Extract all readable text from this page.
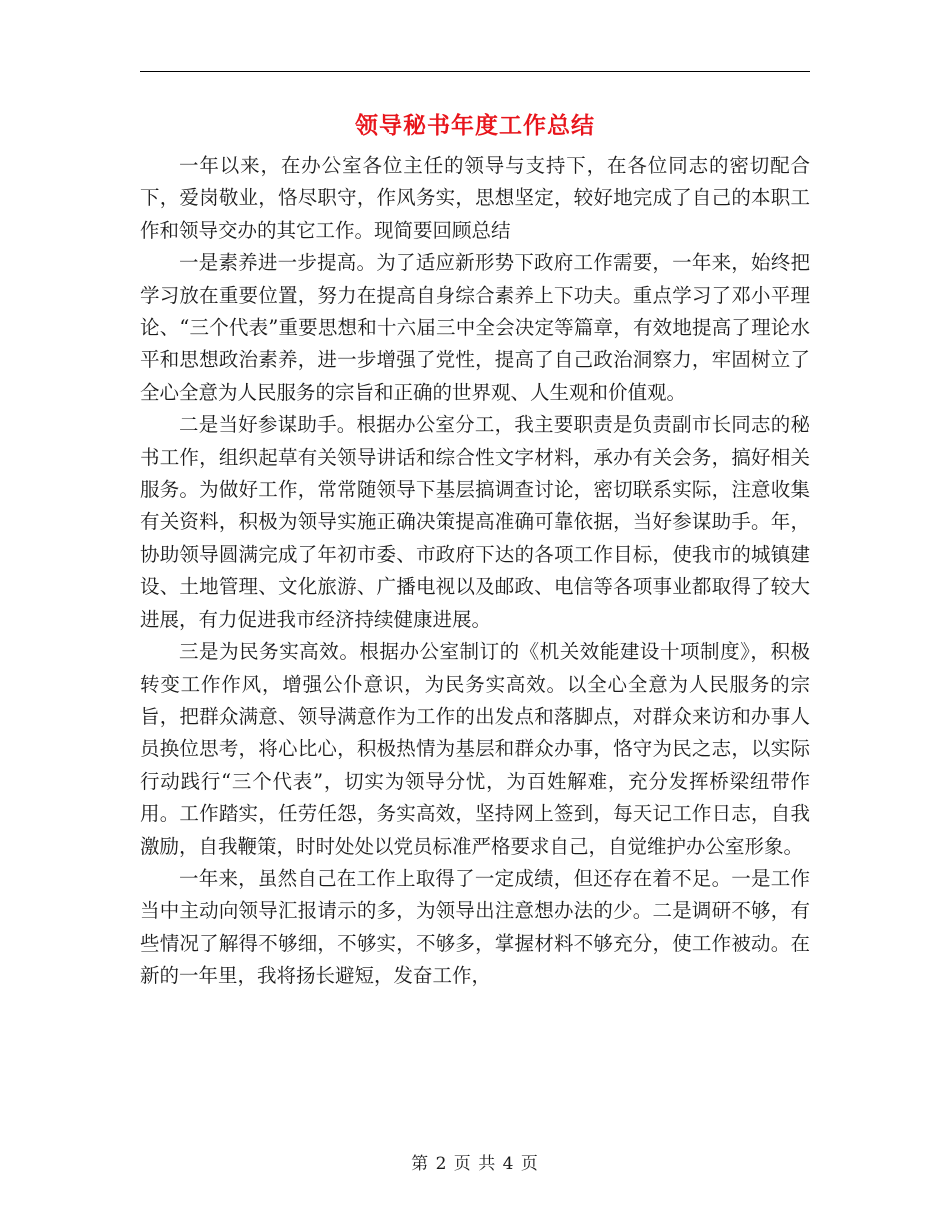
领导秘书年度工作总结

一年以来，在办公室各位主任的领导与支持下，在各位同志的密切配合下，爱岗敬业，恪尽职守，作风务实，思想坚定，较好地完成了自己的本职工作和领导交办的其它工作。现简要回顾总结

一是素养进一步提高。为了适应新形势下政府工作需要，一年来，始终把学习放在重要位置，努力在提高自身综合素养上下功夫。重点学习了邓小平理论、“三个代表”重要思想和十六届三中全会决定等篇章，有效地提高了理论水平和思想政治素养，进一步增强了党性，提高了自己政治洞察力，牢固树立了全心全意为人民服务的宗旨和正确的世界观、人生观和价值观。

二是当好参谋助手。根据办公室分工，我主要职责是负责副市长同志的秘书工作，组织起草有关领导讲话和综合性文字材料，承办有关会务，搞好相关服务。为做好工作，常常随领导下基层搞调查讨论，密切联系实际，注意收集有关资料，积极为领导实施正确决策提高准确可靠依据，当好参谋助手。年，协助领导圆满完成了年初市委、市政府下达的各项工作目标，使我市的城镇建设、土地管理、文化旅游、广播电视以及邮政、电信等各项事业都取得了较大进展，有力促进我市经济持续健康进展。

三是为民务实高效。根据办公室制订的《机关效能建设十项制度》，积极转变工作作风，增强公仆意识，为民务实高效。以全心全意为人民服务的宗旨，把群众满意、领导满意作为工作的出发点和落脚点，对群众来访和办事人员换位思考，将心比心，积极热情为基层和群众办事，恪守为民之志，以实际行动践行“三个代表”，切实为领导分忧，为百姓解难，充分发挥桥梁纽带作用。工作踏实，任劳任怨，务实高效，坚持网上签到，每天记工作日志，自我激励，自我鞭策，时时处处以党员标准严格要求自己，自觉维护办公室形象。

一年来，虽然自己在工作上取得了一定成绩，但还存在着不足。一是工作当中主动向领导汇报请示的多，为领导出注意想办法的少。二是调研不够，有些情况了解得不够细，不够实，不够多，掌握材料不够充分，使工作被动。在新的一年里，我将扬长避短，发奋工作，

第 2 页 共 4 页
